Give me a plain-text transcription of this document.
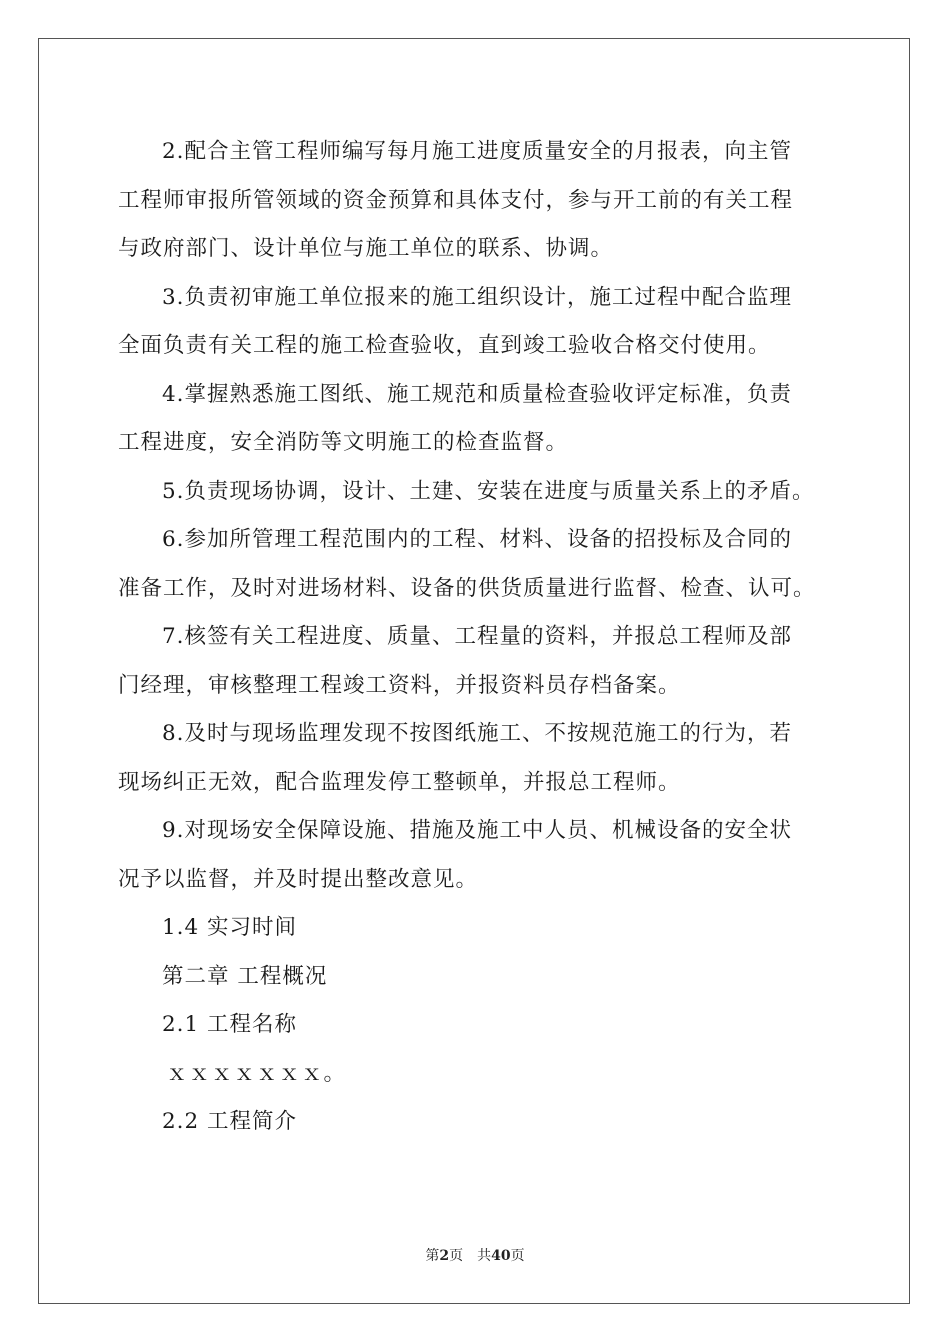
2.配合主管工程师编写每月施工进度质量安全的月报表，向主管
工程师审报所管领域的资金预算和具体支付，参与开工前的有关工程
与政府部门、设计单位与施工单位的联系、协调。
3.负责初审施工单位报来的施工组织设计，施工过程中配合监理
全面负责有关工程的施工检查验收，直到竣工验收合格交付使用。
4.掌握熟悉施工图纸、施工规范和质量检查验收评定标准，负责
工程进度，安全消防等文明施工的检查监督。
5.负责现场协调，设计、土建、安装在进度与质量关系上的矛盾。
6.参加所管理工程范围内的工程、材料、设备的招投标及合同的
准备工作，及时对进场材料、设备的供货质量进行监督、检查、认可。
7.核签有关工程进度、质量、工程量的资料，并报总工程师及部
门经理，审核整理工程竣工资料，并报资料员存档备案。
8.及时与现场监理发现不按图纸施工、不按规范施工的行为，若
现场纠正无效，配合监理发停工整顿单，并报总工程师。
9.对现场安全保障设施、措施及施工中人员、机械设备的安全状
况予以监督，并及时提出整改意见。
1.4 实习时间
第二章 工程概况
2.1 工程名称
ｘｘｘｘｘｘｘ。
2.2 工程简介
第2页　共40页
